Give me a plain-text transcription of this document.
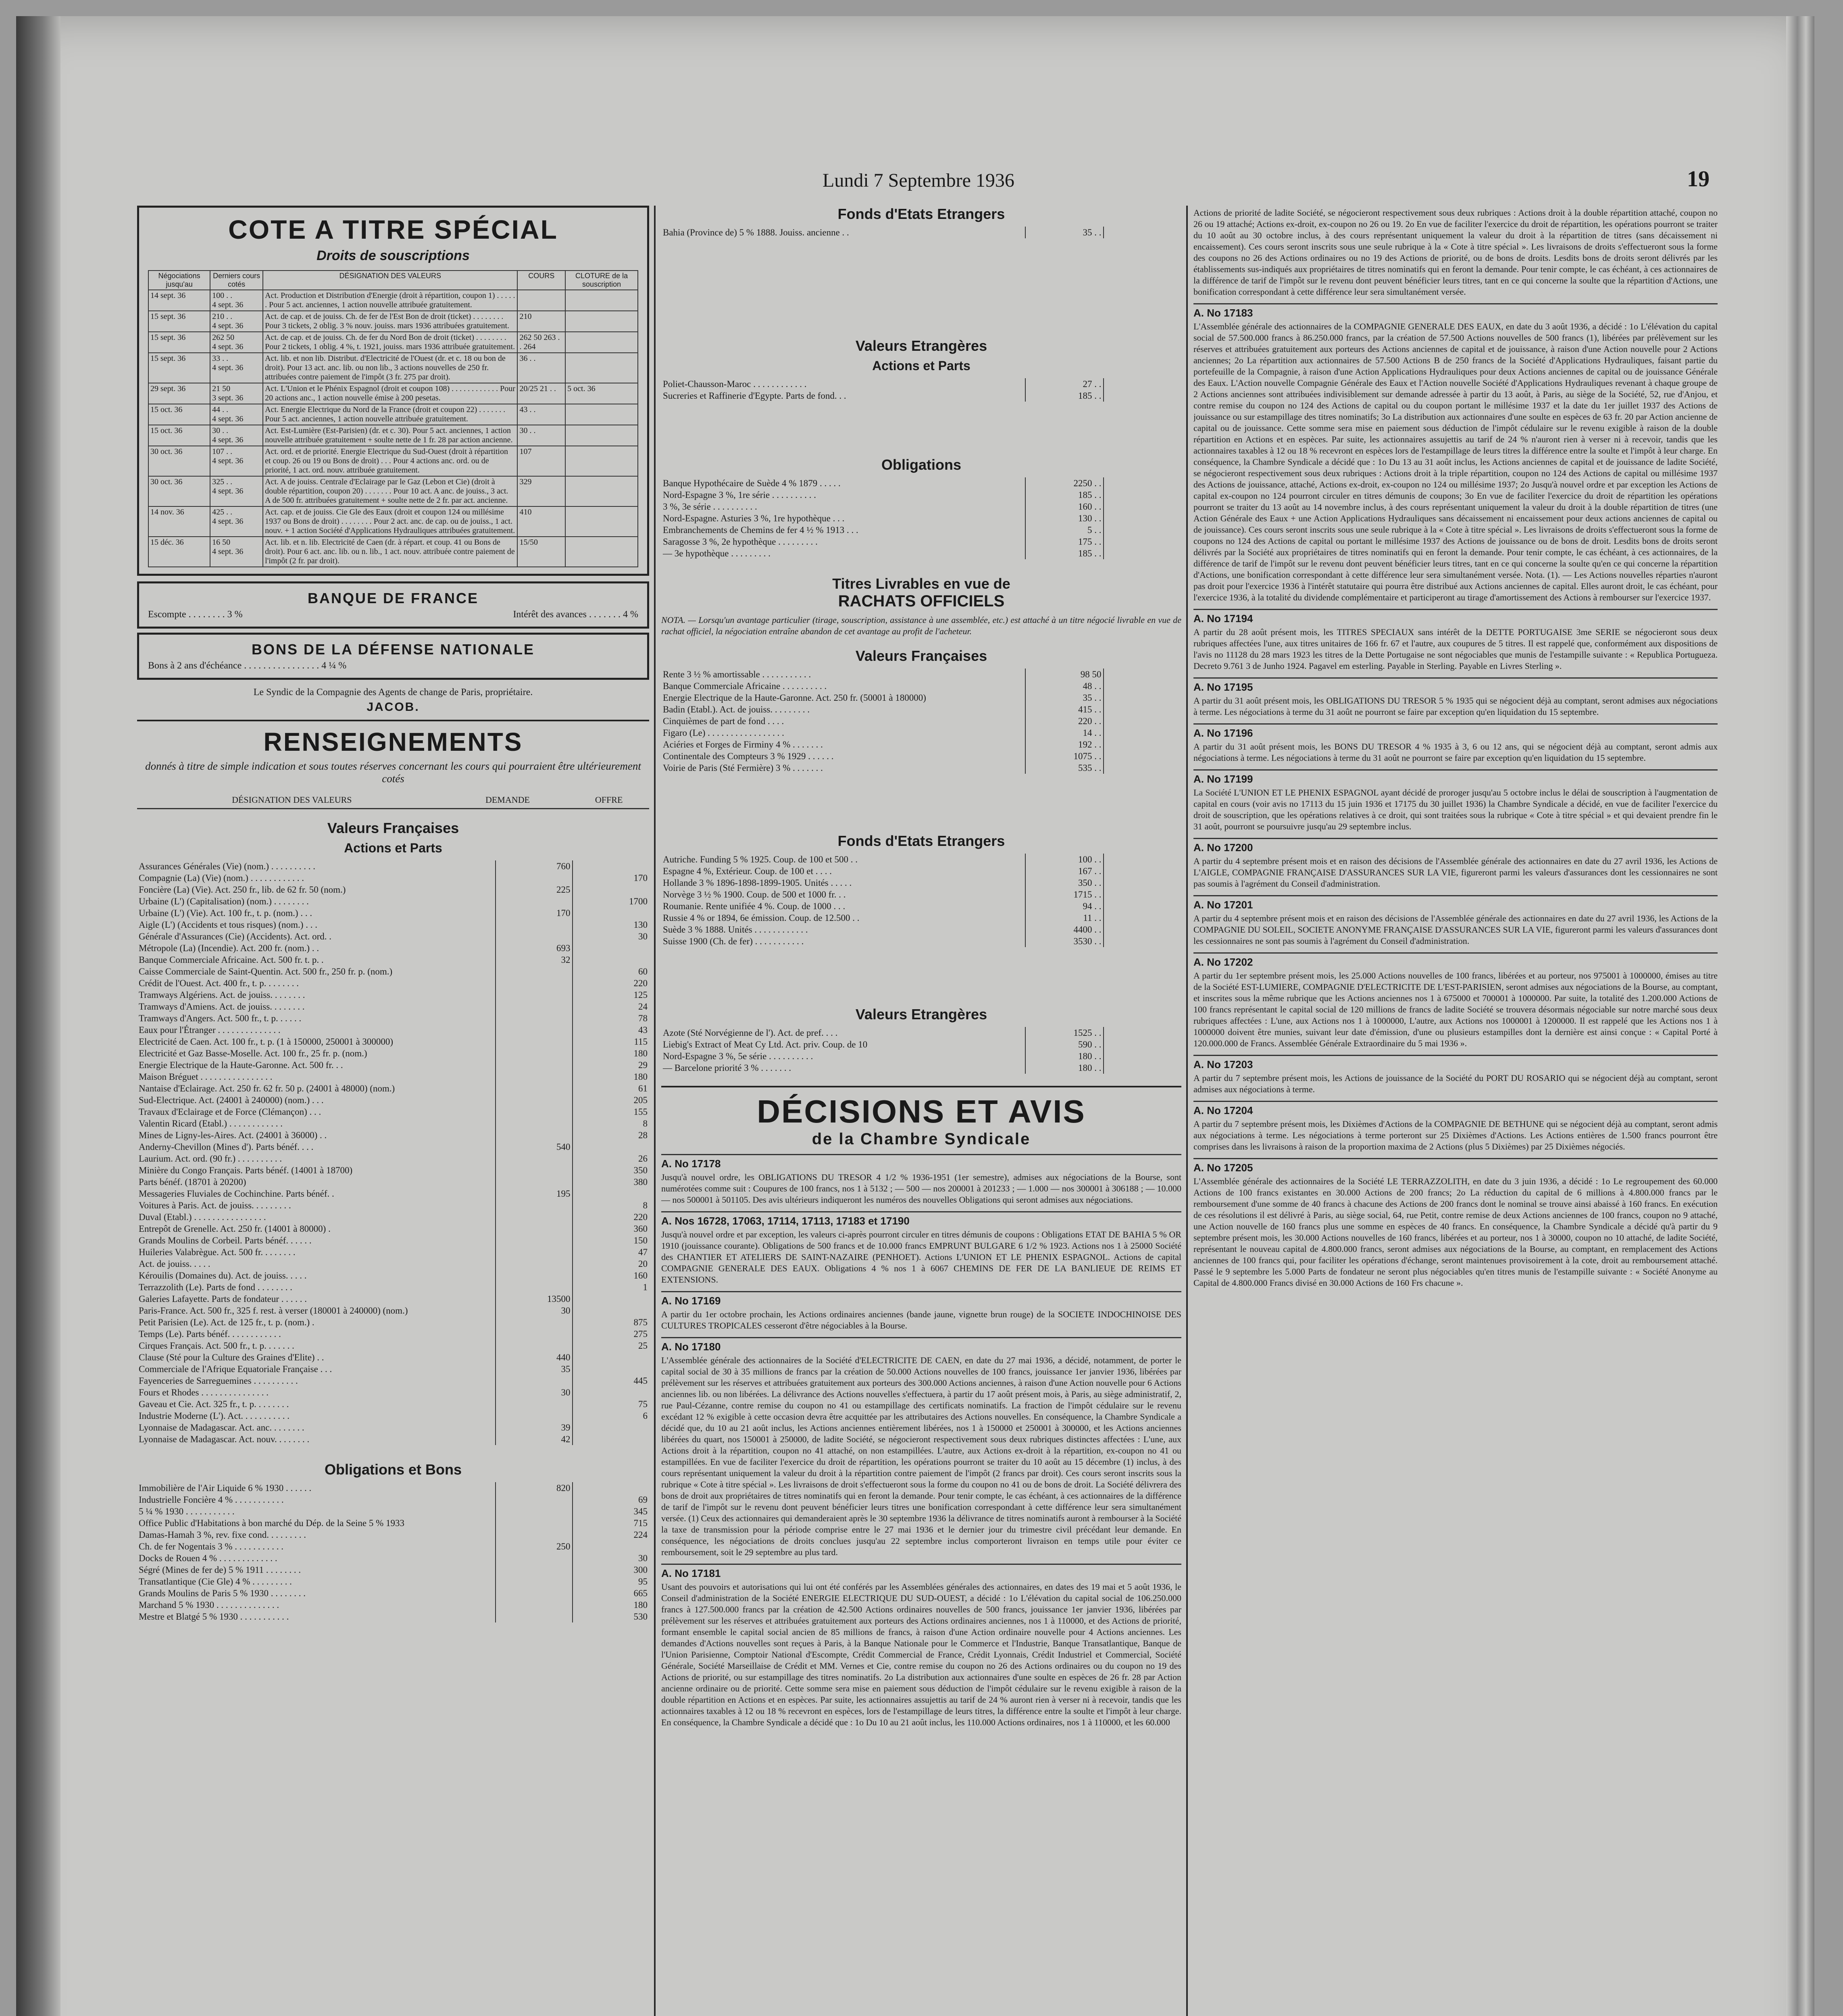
Lundi 7 Septembre 1936	19
COTE A TITRE SPÉCIAL
Droits de souscriptions
Négociations jusqu'au	Derniers cours cotés	DÉSIGNATION DES VALEURS	COURS	CLOTURE de la souscription
14 sept. 36	100 . .
4 sept. 36	Act. Production et Distribution d'Energie (droit à répartition, coupon 1) . . . . . . Pour 5 act. anciennes, 1 action nouvelle attribuée gratuitement.		
15 sept. 36	210 . .
4 sept. 36	Act. de cap. et de jouiss. Ch. de fer de l'Est Bon de droit (ticket) . . . . . . . . Pour 3 tickets, 2 oblig. 3 % nouv. jouiss. mars 1936 attribuées gratuitement.	210	
15 sept. 36	262 50
4 sept. 36	Act. de cap. et de jouiss. Ch. de fer du Nord Bon de droit (ticket) . . . . . . . . Pour 2 tickets, 1 oblig. 4 %, t. 1921, jouiss. mars 1936 attribuée gratuitement.	262 50 263 . . 264	
15 sept. 36	33 . .
4 sept. 36	Act. lib. et non lib. Distribut. d'Electricité de l'Ouest (dr. et c. 18 ou bon de droit). Pour 13 act. anc. lib. ou non lib., 3 actions nouvelles de 250 fr. attribuées contre paiement de l'impôt (3 fr. 275 par droit).	36 . .	
29 sept. 36	21 50
3 sept. 36	Act. L'Union et le Phénix Espagnol (droit et coupon 108) . . . . . . . . . . . . Pour 20 actions anc., 1 action nouvelle émise à 200 pesetas.	20/25 21 . .	5 oct. 36
15 oct. 36	44 . .
4 sept. 36	Act. Energie Electrique du Nord de la France (droit et coupon 22) . . . . . . . Pour 5 act. anciennes, 1 action nouvelle attribuée gratuitement.	43 . .	
15 oct. 36	30 . .
4 sept. 36	Act. Est-Lumière (Est-Parisien) (dr. et c. 30). Pour 5 act. anciennes, 1 action nouvelle attribuée gratuitement + soulte nette de 1 fr. 28 par action ancienne.	30 . .	
30 oct. 36	107 . .
4 sept. 36	Act. ord. et de priorité. Energie Electrique du Sud-Ouest (droit à répartition et coup. 26 ou 19 ou Bons de droit) . . . Pour 4 actions anc. ord. ou de priorité, 1 act. ord. nouv. attribuée gratuitement.	107	
30 oct. 36	325 . .
4 sept. 36	Act. A de jouiss. Centrale d'Eclairage par le Gaz (Lebon et Cie) (droit à double répartition, coupon 20) . . . . . . . Pour 10 act. A anc. de jouiss., 3 act. A de 500 fr. attribuées gratuitement + soulte nette de 2 fr. par act. ancienne.	329	
14 nov. 36	425 . .
4 sept. 36	Act. cap. et de jouiss. Cie Gle des Eaux (droit et coupon 124 ou millésime 1937 ou Bons de droit) . . . . . . . . Pour 2 act. anc. de cap. ou de jouiss., 1 act. nouv. + 1 action Société d'Applications Hydrauliques attribuées gratuitement.	410	
15 déc. 36	16 50
4 sept. 36	Act. lib. et n. lib. Electricité de Caen (dr. à répart. et coup. 41 ou Bons de droit). Pour 6 act. anc. lib. ou n. lib., 1 act. nouv. attribuée contre paiement de l'impôt (2 fr. par droit).	15/50	
BANQUE DE FRANCE
Escompte . . . . . . . . 3 %	Intérêt des avances . . . . . . . 4 %
BONS DE LA DÉFENSE NATIONALE
Bons à 2 ans d'échéance . . . . . . . . . . . . . . . . 4 ¼ %
Le Syndic de la Compagnie des Agents de change de Paris, propriétaire.
JACOB.
RENSEIGNEMENTS
donnés à titre de simple indication et sous toutes réserves concernant les cours qui pourraient être ultérieurement cotés
DÉSIGNATION DES VALEURS	DEMANDE	OFFRE
Valeurs Françaises
Actions et Parts
Assurances Générales (Vie) (nom.) . . . . . . . . . .	760	
Compagnie (La) (Vie) (nom.) . . . . . . . . . . . .		170
Foncière (La) (Vie). Act. 250 fr., lib. de 62 fr. 50 (nom.)	225	
Urbaine (L') (Capitalisation) (nom.) . . . . . . . .		1700
Urbaine (L') (Vie). Act. 100 fr., t. p. (nom.) . . .	170	
Aigle (L') (Accidents et tous risques) (nom.) . . .		130
Générale d'Assurances (Cie) (Accidents). Act. ord. .		30
Métropole (La) (Incendie). Act. 200 fr. (nom.) . .	693	
Banque Commerciale Africaine. Act. 500 fr. t. p. .	32	
Caisse Commerciale de Saint-Quentin. Act. 500 fr., 250 fr. p. (nom.)		60
Crédit de l'Ouest. Act. 400 fr., t. p. . . . . . . .		220
Tramways Algériens. Act. de jouiss. . . . . . . .		125
Tramways d'Amiens. Act. de jouiss. . . . . . . .		24
Tramways d'Angers. Act. 500 fr., t. p. . . . . .		78
Eaux pour l'Étranger . . . . . . . . . . . . . .		43
Electricité de Caen. Act. 100 fr., t. p. (1 à 150000, 250001 à 300000)		115
Electricité et Gaz Basse-Moselle. Act. 100 fr., 25 fr. p. (nom.)		180
Energie Electrique de la Haute-Garonne. Act. 500 fr. . .		29
Maison Bréguet . . . . . . . . . . . . . . . .		180
Nantaise d'Eclairage. Act. 250 fr. 62 fr. 50 p. (24001 à 48000) (nom.)		61
Sud-Electrique. Act. (24001 à 240000) (nom.) . . .		205
Travaux d'Eclairage et de Force (Clémançon) . . .		155
Valentin Ricard (Etabl.) . . . . . . . . . . . .		8
Mines de Ligny-les-Aires. Act. (24001 à 36000) . .		28
Anderny-Chevillon (Mines d'). Parts bénéf. . . .	540	
Laurium. Act. ord. (90 fr.) . . . . . . . . . .		26
Minière du Congo Français. Parts bénéf. (14001 à 18700)		350
Parts bénéf. (18701 à 20200)		380
Messageries Fluviales de Cochinchine. Parts bénéf. .	195	
Voitures à Paris. Act. de jouiss. . . . . . . . .		8
Duval (Etabl.) . . . . . . . . . . . . . . . .		220
Entrepôt de Grenelle. Act. 250 fr. (14001 à 80000) .		360
Grands Moulins de Corbeil. Parts bénéf. . . . . .		150
Huileries Valabrègue. Act. 500 fr. . . . . . . .		47
Act. de jouiss. . . . .		20
Kérouilis (Domaines du). Act. de jouiss. . . . .		160
Terrazzolith (Le). Parts de fond . . . . . . . .		1
Galeries Lafayette. Parts de fondateur . . . . . .	13500	
Paris-France. Act. 500 fr., 325 f. rest. à verser (180001 à 240000) (nom.)	30	
Petit Parisien (Le). Act. de 125 fr., t. p. (nom.) .		875
Temps (Le). Parts bénéf. . . . . . . . . . . .		275
Cirques Français. Act. 500 fr., t. p. . . . . . .		25
Clause (Sté pour la Culture des Graines d'Elite) . .	440	
Commerciale de l'Afrique Equatoriale Française . . .	35	
Fayenceries de Sarreguemines . . . . . . . . . .		445
Fours et Rhodes . . . . . . . . . . . . . . .	30	
Gaveau et Cie. Act. 325 fr., t. p. . . . . . . .		75
Industrie Moderne (L'). Act. . . . . . . . . . .		6
Lyonnaise de Madagascar. Act. anc. . . . . . . .	39	
Lyonnaise de Madagascar. Act. nouv. . . . . . . .	42	
Obligations et Bons
Immobilière de l'Air Liquide 6 % 1930 . . . . . .	820	
Industrielle Foncière 4 % . . . . . . . . . . .		69
5 ¼ % 1930 . . . . . . . . . . .		345
Office Public d'Habitations à bon marché du Dép. de la Seine 5 % 1933		715
Damas-Hamah 3 %, rev. fixe cond. . . . . . . . .		224
Ch. de fer Nogentais 3 % . . . . . . . . . . .	250	
Docks de Rouen 4 % . . . . . . . . . . . . .		30
Ségré (Mines de fer de) 5 % 1911 . . . . . . . .		300
Transatlantique (Cie Gle) 4 % . . . . . . . . .		95
Grands Moulins de Paris 5 % 1930 . . . . . . . .		665
Marchand 5 % 1930 . . . . . . . . . . . . . .		180
Mestre et Blatgé 5 % 1930 . . . . . . . . . . .		530
Fonds d'Etats Etrangers
Bahia (Province de) 5 % 1888. Jouiss. ancienne . .	35 . .	
Valeurs Etrangères
Actions et Parts
Poliet-Chausson-Maroc . . . . . . . . . . . .	27 . .	
Sucreries et Raffinerie d'Egypte. Parts de fond. . .	185 . .	
Obligations
Banque Hypothécaire de Suède 4 % 1879 . . . . .	2250 . .	
Nord-Espagne 3 %, 1re série . . . . . . . . . .	185 . .	
3 %, 3e série . . . . . . . . . .	160 . .	
Nord-Espagne. Asturies 3 %, 1re hypothèque . . .	130 . .	
Embranchements de Chemins de fer 4 ½ % 1913 . . .	5 . .	
Saragosse 3 %, 2e hypothèque . . . . . . . . .	175 . .	
— 3e hypothèque . . . . . . . . .	185 . .	
Titres Livrables en vue de
RACHATS OFFICIELS
NOTA. — Lorsqu'un avantage particulier (tirage, souscription, assistance à une assemblée, etc.) est attaché à un titre négocié livrable en vue de rachat officiel, la négociation entraîne abandon de cet avantage au profit de l'acheteur.
Valeurs Françaises
Rente 3 ½ % amortissable . . . . . . . . . . .	98 50	
Banque Commerciale Africaine . . . . . . . . . .	48 . .	
Energie Electrique de la Haute-Garonne. Act. 250 fr. (50001 à 180000)	35 . .	
Badin (Etabl.). Act. de jouiss. . . . . . . . .	415 . .	
Cinquièmes de part de fond . . . .	220 . .	
Figaro (Le) . . . . . . . . . . . . . . . . .	14 . .	
Aciéries et Forges de Firminy 4 % . . . . . . .	192 . .	
Continentale des Compteurs 3 % 1929 . . . . . .	1075 . .	
Voirie de Paris (Sté Fermière) 3 % . . . . . . .	535 . .	
Fonds d'Etats Etrangers
Autriche. Funding 5 % 1925. Coup. de 100 et 500 . .	100 . .	
Espagne 4 %, Extérieur. Coup. de 100 et . . . .	167 . .	
Hollande 3 % 1896-1898-1899-1905. Unités . . . . .	350 . .	
Norvège 3 ½ % 1900. Coup. de 500 et 1000 fr. . .	1715 . .	
Roumanie. Rente unifiée 4 %. Coup. de 1000 . . .	94 . .	
Russie 4 % or 1894, 6e émission. Coup. de 12.500 . .	11 . .	
Suède 3 % 1888. Unités . . . . . . . . . . . .	4400 . .	
Suisse 1900 (Ch. de fer) . . . . . . . . . . .	3530 . .	
Valeurs Etrangères
Azote (Sté Norvégienne de l'). Act. de pref. . . .	1525 . .	
Liebig's Extract of Meat Cy Ltd. Act. priv. Coup. de 10	590 . .	
Nord-Espagne 3 %, 5e série . . . . . . . . . .	180 . .	
— Barcelone priorité 3 % . . . . . . .	180 . .	
DÉCISIONS ET AVIS
de la Chambre Syndicale
A. No 17178
Jusqu'à nouvel ordre, les OBLIGATIONS DU TRESOR 4 1/2 % 1936-1951 (1er semestre), admises aux négociations de la Bourse, sont numérotées comme suit : Coupures de 100 francs, nos 1 à 5132 ; — 500 — nos 200001 à 201233 ; — 1.000 — nos 300001 à 306188 ; — 10.000 — nos 500001 à 501105. Des avis ultérieurs indiqueront les numéros des nouvelles Obligations qui seront admises aux négociations.
A. Nos 16728, 17063, 17114, 17113, 17183 et 17190
Jusqu'à nouvel ordre et par exception, les valeurs ci-après pourront circuler en titres démunis de coupons : Obligations ETAT DE BAHIA 5 % OR 1910 (jouissance courante). Obligations de 500 francs et de 10.000 francs EMPRUNT BULGARE 6 1/2 % 1923. Actions nos 1 à 25000 Société des CHANTIER ET ATELIERS DE SAINT-NAZAIRE (PENHOET). Actions L'UNION ET LE PHENIX ESPAGNOL. Actions de capital COMPAGNIE GENERALE DES EAUX. Obligations 4 % nos 1 à 6067 CHEMINS DE FER DE LA BANLIEUE DE REIMS ET EXTENSIONS.
A. No 17169
A partir du 1er octobre prochain, les Actions ordinaires anciennes (bande jaune, vignette brun rouge) de la SOCIETE INDOCHINOISE DES CULTURES TROPICALES cesseront d'être négociables à la Bourse.
A. No 17180
L'Assemblée générale des actionnaires de la Société d'ELECTRICITE DE CAEN, en date du 27 mai 1936, a décidé, notamment, de porter le capital social de 30 à 35 millions de francs par la création de 50.000 Actions nouvelles de 100 francs, jouissance 1er janvier 1936, libérées par prélèvement sur les réserves et attribuées gratuitement aux porteurs des 300.000 Actions anciennes, à raison d'une Action nouvelle pour 6 Actions anciennes lib. ou non libérées. La délivrance des Actions nouvelles s'effectuera, à partir du 17 août présent mois, à Paris, au siège administratif, 2, rue Paul-Cézanne, contre remise du coupon no 41 ou estampillage des certificats nominatifs. La fraction de l'impôt cédulaire sur le revenu excédant 12 % exigible à cette occasion devra être acquittée par les attributaires des Actions nouvelles. En conséquence, la Chambre Syndicale a décidé que, du 10 au 21 août inclus, les Actions anciennes entièrement libérées, nos 1 à 150000 et 250001 à 300000, et les Actions anciennes libérées du quart, nos 150001 à 250000, de ladite Société, se négocieront respectivement sous deux rubriques distinctes affectées : L'une, aux Actions droit à la répartition, coupon no 41 attaché, on non estampillées. L'autre, aux Actions ex-droit à la répartition, ex-coupon no 41 ou estampillées. En vue de faciliter l'exercice du droit de répartition, les opérations pourront se traiter du 10 août au 15 décembre (1) inclus, à des cours représentant uniquement la valeur du droit à la répartition contre paiement de l'impôt (2 francs par droit). Ces cours seront inscrits sous la rubrique « Cote à titre spécial ». Les livraisons de droit s'effectueront sous la forme du coupon no 41 ou de bons de droit. La Société délivrera des bons de droit aux propriétaires de titres nominatifs qui en feront la demande. Pour tenir compte, le cas échéant, à ces actionnaires de la différence de tarif de l'impôt sur le revenu dont peuvent bénéficier leurs titres une bonification correspondant à cette différence leur sera simultanément versée. (1) Ceux des actionnaires qui demanderaient après le 30 septembre 1936 la délivrance de titres nominatifs auront à rembourser à la Société la taxe de transmission pour la période comprise entre le 27 mai 1936 et le dernier jour du trimestre civil précédant leur demande. En conséquence, les négociations de droits conclues jusqu'au 22 septembre inclus comporteront livraison en temps utile pour éviter ce remboursement, soit le 29 septembre au plus tard.
A. No 17181
Usant des pouvoirs et autorisations qui lui ont été conférés par les Assemblées générales des actionnaires, en dates des 19 mai et 5 août 1936, le Conseil d'administration de la Société ENERGIE ELECTRIQUE DU SUD-OUEST, a décidé : 1o L'élévation du capital social de 106.250.000 francs à 127.500.000 francs par la création de 42.500 Actions ordinaires nouvelles de 500 francs, jouissance 1er janvier 1936, libérées par prélèvement sur les réserves et attribuées gratuitement aux porteurs des Actions ordinaires anciennes, nos 1 à 110000, et des Actions de priorité, formant ensemble le capital social ancien de 85 millions de francs, à raison d'une Action ordinaire nouvelle pour 4 Actions anciennes. Les demandes d'Actions nouvelles sont reçues à Paris, à la Banque Nationale pour le Commerce et l'Industrie, Banque Transatlantique, Banque de l'Union Parisienne, Comptoir National d'Escompte, Crédit Commercial de France, Crédit Lyonnais, Crédit Industriel et Commercial, Société Générale, Société Marseillaise de Crédit et MM. Vernes et Cie, contre remise du coupon no 26 des Actions ordinaires ou du coupon no 19 des Actions de priorité, ou sur estampillage des titres nominatifs. 2o La distribution aux actionnaires d'une soulte en espèces de 26 fr. 28 par Action ancienne ordinaire ou de priorité. Cette somme sera mise en paiement sous déduction de l'impôt cédulaire sur le revenu exigible à raison de la double répartition en Actions et en espèces. Par suite, les actionnaires assujettis au tarif de 24 % auront rien à verser ni à recevoir, tandis que les actionnaires taxables à 12 ou 18 % recevront en espèces, lors de l'estampillage de leurs titres, la différence entre la soulte et l'impôt à leur charge. En conséquence, la Chambre Syndicale a décidé que : 1o Du 10 au 21 août inclus, les 110.000 Actions ordinaires, nos 1 à 110000, et les 60.000
Actions de priorité de ladite Société, se négocieront respectivement sous deux rubriques : Actions droit à la double répartition attaché, coupon no 26 ou 19 attaché; Actions ex-droit, ex-coupon no 26 ou 19. 2o En vue de faciliter l'exercice du droit de répartition, les opérations pourront se traiter du 10 août au 30 octobre inclus, à des cours représentant uniquement la valeur du droit à la répartition de titres (sans décaissement ni encaissement). Ces cours seront inscrits sous une seule rubrique à la « Cote à titre spécial ». Les livraisons de droits s'effectueront sous la forme des coupons no 26 des Actions ordinaires ou no 19 des Actions de priorité, ou de bons de droits. Lesdits bons de droits seront délivrés par les établissements sus-indiqués aux propriétaires de titres nominatifs qui en feront la demande. Pour tenir compte, le cas échéant, à ces actionnaires de la différence de tarif de l'impôt sur le revenu dont peuvent bénéficier leurs titres, tant en ce qui concerne la soulte que la répartition d'Actions, une bonification correspondant à cette différence leur sera simultanément versée.
A. No 17183
L'Assemblée générale des actionnaires de la COMPAGNIE GENERALE DES EAUX, en date du 3 août 1936, a décidé : 1o L'élévation du capital social de 57.500.000 francs à 86.250.000 francs, par la création de 57.500 Actions nouvelles de 500 francs (1), libérées par prélèvement sur les réserves et attribuées gratuitement aux porteurs des Actions anciennes de capital et de jouissance, à raison d'une Action nouvelle pour 2 Actions anciennes; 2o La répartition aux actionnaires de 57.500 Actions B de 250 francs de la Société d'Applications Hydrauliques, faisant partie du portefeuille de la Compagnie, à raison d'une Action Applications Hydrauliques pour deux Actions anciennes de capital ou de jouissance Générale des Eaux. L'Action nouvelle Compagnie Générale des Eaux et l'Action nouvelle Société d'Applications Hydrauliques revenant à chaque groupe de 2 Actions anciennes sont attribuées indivisiblement sur demande adressée à partir du 13 août, à Paris, au siège de la Société, 52, rue d'Anjou, et contre remise du coupon no 124 des Actions de capital ou du coupon portant le millésime 1937 et la date du 1er juillet 1937 des Actions de jouissance ou sur estampillage des titres nominatifs; 3o La distribution aux actionnaires d'une soulte en espèces de 63 fr. 20 par Action ancienne de capital ou de jouissance. Cette somme sera mise en paiement sous déduction de l'impôt cédulaire sur le revenu exigible à raison de la double répartition en Actions et en espèces. Par suite, les actionnaires assujettis au tarif de 24 % n'auront rien à verser ni à recevoir, tandis que les actionnaires taxables à 12 ou 18 % recevront en espèces lors de l'estampillage de leurs titres la différence entre la soulte et l'impôt à leur charge. En conséquence, la Chambre Syndicale a décidé que : 1o Du 13 au 31 août inclus, les Actions anciennes de capital et de jouissance de ladite Société, se négocieront respectivement sous deux rubriques : Actions droit à la triple répartition, coupon no 124 des Actions de capital ou millésime 1937 des Actions de jouissance, attaché, Actions ex-droit, ex-coupon no 124 ou millésime 1937; 2o Jusqu'à nouvel ordre et par exception les Actions de capital ex-coupon no 124 pourront circuler en titres démunis de coupons; 3o En vue de faciliter l'exercice du droit de répartition les opérations pourront se traiter du 13 août au 14 novembre inclus, à des cours représentant uniquement la valeur du droit à la double répartition de titres (une Action Générale des Eaux + une Action Applications Hydrauliques sans décaissement ni encaissement pour deux actions anciennes de capital ou de jouissance). Ces cours seront inscrits sous une seule rubrique à la « Cote à titre spécial ». Les livraisons de droits s'effectueront sous la forme de coupons no 124 des Actions de capital ou portant le millésime 1937 des Actions de jouissance ou de bons de droit. Lesdits bons de droits seront délivrés par la Société aux propriétaires de titres nominatifs qui en feront la demande. Pour tenir compte, le cas échéant, à ces actionnaires, de la différence de tarif de l'impôt sur le revenu dont peuvent bénéficier leurs titres, tant en ce qui concerne la soulte qu'en ce qui concerne la répartition d'Actions, une bonification correspondant à cette différence leur sera simultanément versée. Nota. (1). — Les Actions nouvelles réparties n'auront pas droit pour l'exercice 1936 à l'intérêt statutaire qui pourra être distribué aux Actions anciennes de capital. Elles auront droit, le cas échéant, pour l'exercice 1936, à la totalité du dividende complémentaire et participeront au tirage d'amortissement des Actions à rembourser sur l'exercice 1937.
A. No 17194
A partir du 28 août présent mois, les TITRES SPECIAUX sans intérêt de la DETTE PORTUGAISE 3me SERIE se négocieront sous deux rubriques affectées l'une, aux titres unitaires de 166 fr. 67 et l'autre, aux coupures de 5 titres. Il est rappelé que, conformément aux dispositions de l'avis no 11128 du 28 mars 1923 les titres de la Dette Portugaise ne sont négociables que munis de l'estampille suivante : « Republica Portugueza. Decreto 9.761 3 de Junho 1924. Pagavel em esterling. Payable in Sterling. Payable en Livres Sterling ».
A. No 17195
A partir du 31 août présent mois, les OBLIGATIONS DU TRESOR 5 % 1935 qui se négocient déjà au comptant, seront admises aux négociations à terme. Les négociations à terme du 31 août ne pourront se faire par exception qu'en liquidation du 15 septembre.
A. No 17196
A partir du 31 août présent mois, les BONS DU TRESOR 4 % 1935 à 3, 6 ou 12 ans, qui se négocient déjà au comptant, seront admis aux négociations à terme. Les négociations à terme du 31 août ne pourront se faire par exception qu'en liquidation du 15 septembre.
A. No 17199
La Société L'UNION ET LE PHENIX ESPAGNOL ayant décidé de proroger jusqu'au 5 octobre inclus le délai de souscription à l'augmentation de capital en cours (voir avis no 17113 du 15 juin 1936 et 17175 du 30 juillet 1936) la Chambre Syndicale a décidé, en vue de faciliter l'exercice du droit de souscription, que les opérations relatives à ce droit, qui sont traitées sous la rubrique « Cote à titre spécial » et qui devaient prendre fin le 31 août, pourront se poursuivre jusqu'au 29 septembre inclus.
A. No 17200
A partir du 4 septembre présent mois et en raison des décisions de l'Assemblée générale des actionnaires en date du 27 avril 1936, les Actions de L'AIGLE, COMPAGNIE FRANÇAISE D'ASSURANCES SUR LA VIE, figureront parmi les valeurs d'assurances dont les cessionnaires ne sont pas soumis à l'agrément du Conseil d'administration.
A. No 17201
A partir du 4 septembre présent mois et en raison des décisions de l'Assemblée générale des actionnaires en date du 27 avril 1936, les Actions de la COMPAGNIE DU SOLEIL, SOCIETE ANONYME FRANÇAISE D'ASSURANCES SUR LA VIE, figureront parmi les valeurs d'assurances dont les cessionnaires ne sont pas soumis à l'agrément du Conseil d'administration.
A. No 17202
A partir du 1er septembre présent mois, les 25.000 Actions nouvelles de 100 francs, libérées et au porteur, nos 975001 à 1000000, émises au titre de la Société EST-LUMIERE, COMPAGNIE D'ELECTRICITE DE L'EST-PARISIEN, seront admises aux négociations de la Bourse, au comptant, et inscrites sous la même rubrique que les Actions anciennes nos 1 à 675000 et 700001 à 1000000. Par suite, la totalité des 1.200.000 Actions de 100 francs représentant le capital social de 120 millions de francs de ladite Société se trouvera désormais négociable sur notre marché sous deux rubriques affectées : L'une, aux Actions nos 1 à 1000000, L'autre, aux Actions nos 1000001 à 1200000. Il est rappelé que les Actions nos 1 à 1000000 doivent être munies, suivant leur date d'émission, d'une ou plusieurs estampilles dont la dernière est ainsi conçue : « Capital Porté à 120.000.000 de Francs. Assemblée Générale Extraordinaire du 5 mai 1936 ».
A. No 17203
A partir du 7 septembre présent mois, les Actions de jouissance de la Société du PORT DU ROSARIO qui se négocient déjà au comptant, seront admises aux négociations à terme.
A. No 17204
A partir du 7 septembre présent mois, les Dixièmes d'Actions de la COMPAGNIE DE BETHUNE qui se négocient déjà au comptant, seront admis aux négociations à terme. Les négociations à terme porteront sur 25 Dixièmes d'Actions. Les Actions entières de 1.500 francs pourront être comprises dans les livraisons à raison de la proportion maxima de 2 Actions (plus 5 Dixièmes) par 25 Dixièmes négociés.
A. No 17205
L'Assemblée générale des actionnaires de la Société LE TERRAZZOLITH, en date du 3 juin 1936, a décidé : 1o Le regroupement des 60.000 Actions de 100 francs existantes en 30.000 Actions de 200 francs; 2o La réduction du capital de 6 millions à 4.800.000 francs par le remboursement d'une somme de 40 francs à chacune des Actions de 200 francs dont le nominal se trouve ainsi abaissé à 160 francs. En exécution de ces résolutions il est délivré à Paris, au siège social, 64, rue Petit, contre remise de deux Actions anciennes de 100 francs, coupon no 9 attaché, une Action nouvelle de 160 francs plus une somme en espèces de 40 francs. En conséquence, la Chambre Syndicale a décidé qu'à partir du 9 septembre présent mois, les 30.000 Actions nouvelles de 160 francs, libérées et au porteur, nos 1 à 30000, coupon no 10 attaché, de ladite Société, représentant le nouveau capital de 4.800.000 francs, seront admises aux négociations de la Bourse, au comptant, en remplacement des Actions anciennes de 100 francs qui, pour faciliter les opérations d'échange, seront maintenues provisoirement à la cote, droit au remboursement attaché. Passé le 9 septembre les 5.000 Parts de fondateur ne seront plus négociables qu'en titres munis de l'estampille suivante : « Société Anonyme au Capital de 4.800.000 Francs divisé en 30.000 Actions de 160 Frs chacune ».
